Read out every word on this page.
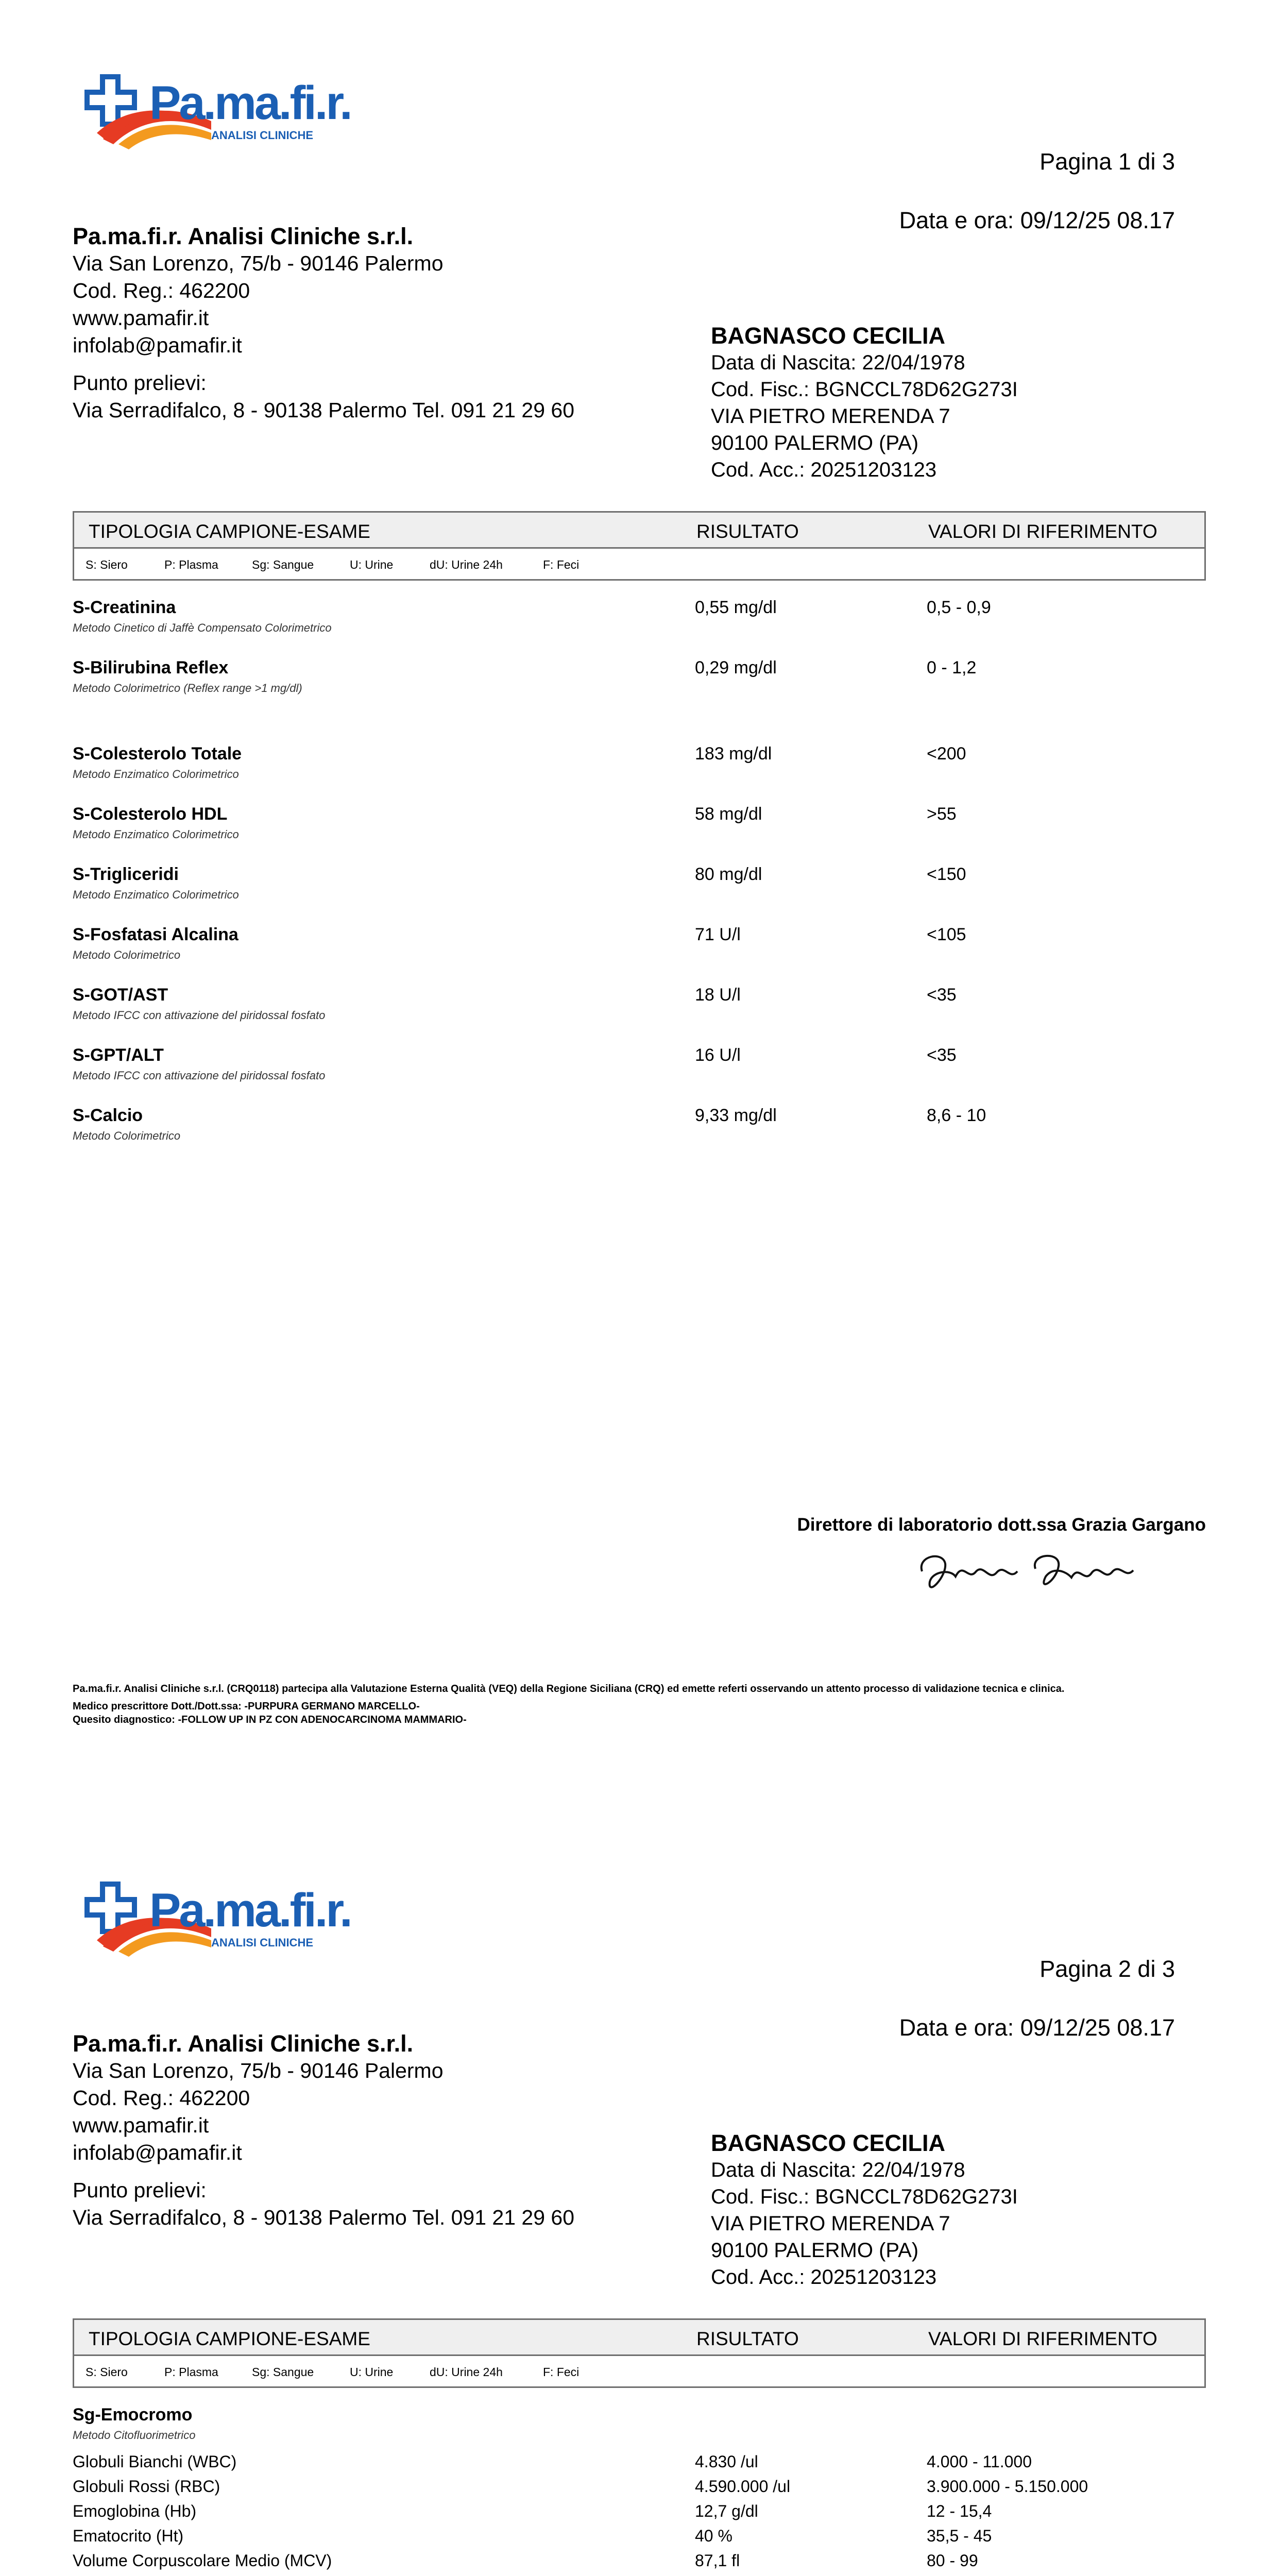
Pa.ma.fi.r.
ANALISI CLINICHE
Pagina 1 di 3
Data e ora: 09/12/25 08.17
Pa.ma.fi.r. Analisi Cliniche s.r.l.
Via San Lorenzo, 75/b - 90146 Palermo
Cod. Reg.: 462200
www.pamafir.it
infolab@pamafir.it
Punto prelievi:
Via Serradifalco, 8 - 90138 Palermo Tel. 091 21 29 60
BAGNASCO CECILIA
Data di Nascita: 22/04/1978
Cod. Fisc.: BGNCCL78D62G273I
VIA PIETRO MERENDA 7
90100 PALERMO (PA)
Cod. Acc.: 20251203123
TIPOLOGIA CAMPIONE-ESAME	RISULTATO	VALORI DI RIFERIMENTO
S: Siero	P: Plasma	Sg: Sangue	U: Urine	dU: Urine 24h	F: Feci
S-Creatinina
Metodo Cinetico di Jaffè Compensato Colorimetrico
0,55 mg/dl	0,5 - 0,9
S-Bilirubina Reflex
Metodo Colorimetrico (Reflex range >1 mg/dl)
0,29 mg/dl	0 - 1,2
S-Colesterolo Totale
Metodo Enzimatico Colorimetrico
183 mg/dl	<200
S-Colesterolo HDL
Metodo Enzimatico Colorimetrico
58 mg/dl	>55
S-Trigliceridi
Metodo Enzimatico Colorimetrico
80 mg/dl	<150
S-Fosfatasi Alcalina
Metodo Colorimetrico
71 U/l	<105
S-GOT/AST
Metodo IFCC con attivazione del piridossal fosfato
18 U/l	<35
S-GPT/ALT
Metodo IFCC con attivazione del piridossal fosfato
16 U/l	<35
S-Calcio
Metodo Colorimetrico
9,33 mg/dl	8,6 - 10
Direttore di laboratorio dott.ssa Grazia Gargano
Pa.ma.fi.r. Analisi Cliniche s.r.l. (CRQ0118) partecipa alla Valutazione Esterna Qualità (VEQ) della Regione Siciliana (CRQ) ed emette referti osservando un attento processo di validazione tecnica e clinica.
Medico prescrittore Dott./Dott.ssa: -PURPURA GERMANO MARCELLO-
Quesito diagnostico: -FOLLOW UP IN PZ CON ADENOCARCINOMA MAMMARIO-
Pa.ma.fi.r.
ANALISI CLINICHE
Pagina 2 di 3
Data e ora: 09/12/25 08.17
Pa.ma.fi.r. Analisi Cliniche s.r.l.
Via San Lorenzo, 75/b - 90146 Palermo
Cod. Reg.: 462200
www.pamafir.it
infolab@pamafir.it
Punto prelievi:
Via Serradifalco, 8 - 90138 Palermo Tel. 091 21 29 60
BAGNASCO CECILIA
Data di Nascita: 22/04/1978
Cod. Fisc.: BGNCCL78D62G273I
VIA PIETRO MERENDA 7
90100 PALERMO (PA)
Cod. Acc.: 20251203123
TIPOLOGIA CAMPIONE-ESAME	RISULTATO	VALORI DI RIFERIMENTO
S: Siero	P: Plasma	Sg: Sangue	U: Urine	dU: Urine 24h	F: Feci
Sg-Emocromo
Metodo Citofluorimetrico
Globuli Bianchi (WBC)	4.830 /ul	4.000 - 11.000
Globuli Rossi (RBC)	4.590.000 /ul	3.900.000 - 5.150.000
Emoglobina (Hb)	12,7 g/dl	12 - 15,4
Ematocrito (Ht)	40 %	35,5 - 45
Volume Corpuscolare Medio (MCV)	87,1 fl	80 - 99
